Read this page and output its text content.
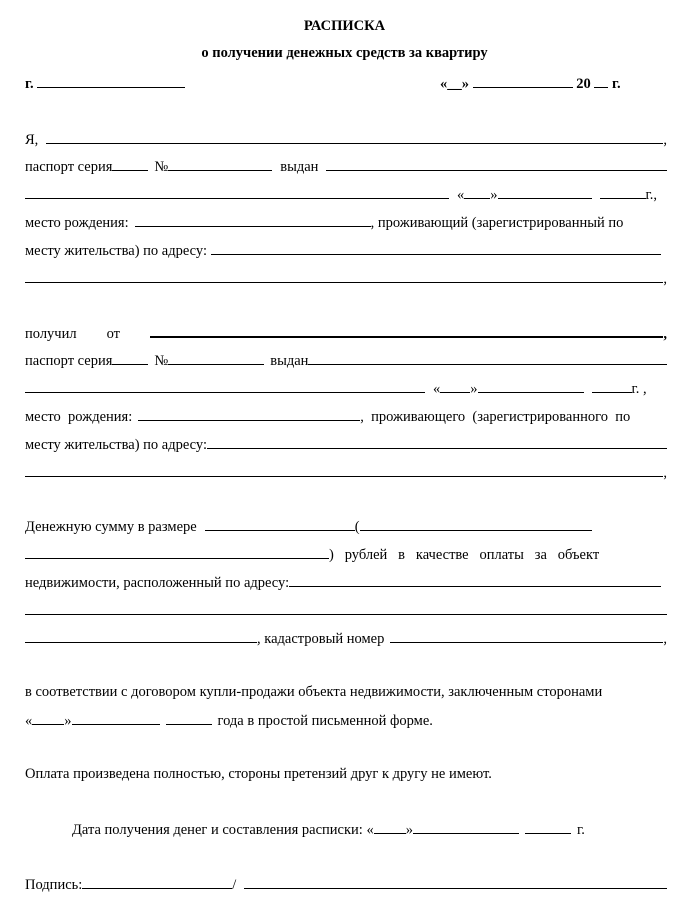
РАСПИСКА
о получении денежных средств за квартиру
г.	«__»	20 г.
Я,	,
паспорт серия	№	выдан
« »	г.,
место рождения:	, проживающий (зарегистрированный по
месту жительства) по адресу:
,
получил от	,
паспорт серия	№	выдан
« »	г. ,
место  рождения:	,  проживающего  (зарегистрированного  по
месту жительства) по адресу:
,
Денежную сумму в размере	(
)   рублей   в   качестве   оплаты   за   объект
недвижимости, расположенный по адресу:
, кадастровый номер	,
в соответствии с договором купли-продажи объекта недвижимости, заключенным сторонами
« »	года в простой письменной форме.
Оплата произведена полностью, стороны претензий друг к другу не имеют.
Дата получения денег и составления расписки: « »	г.
Подпись:	/
